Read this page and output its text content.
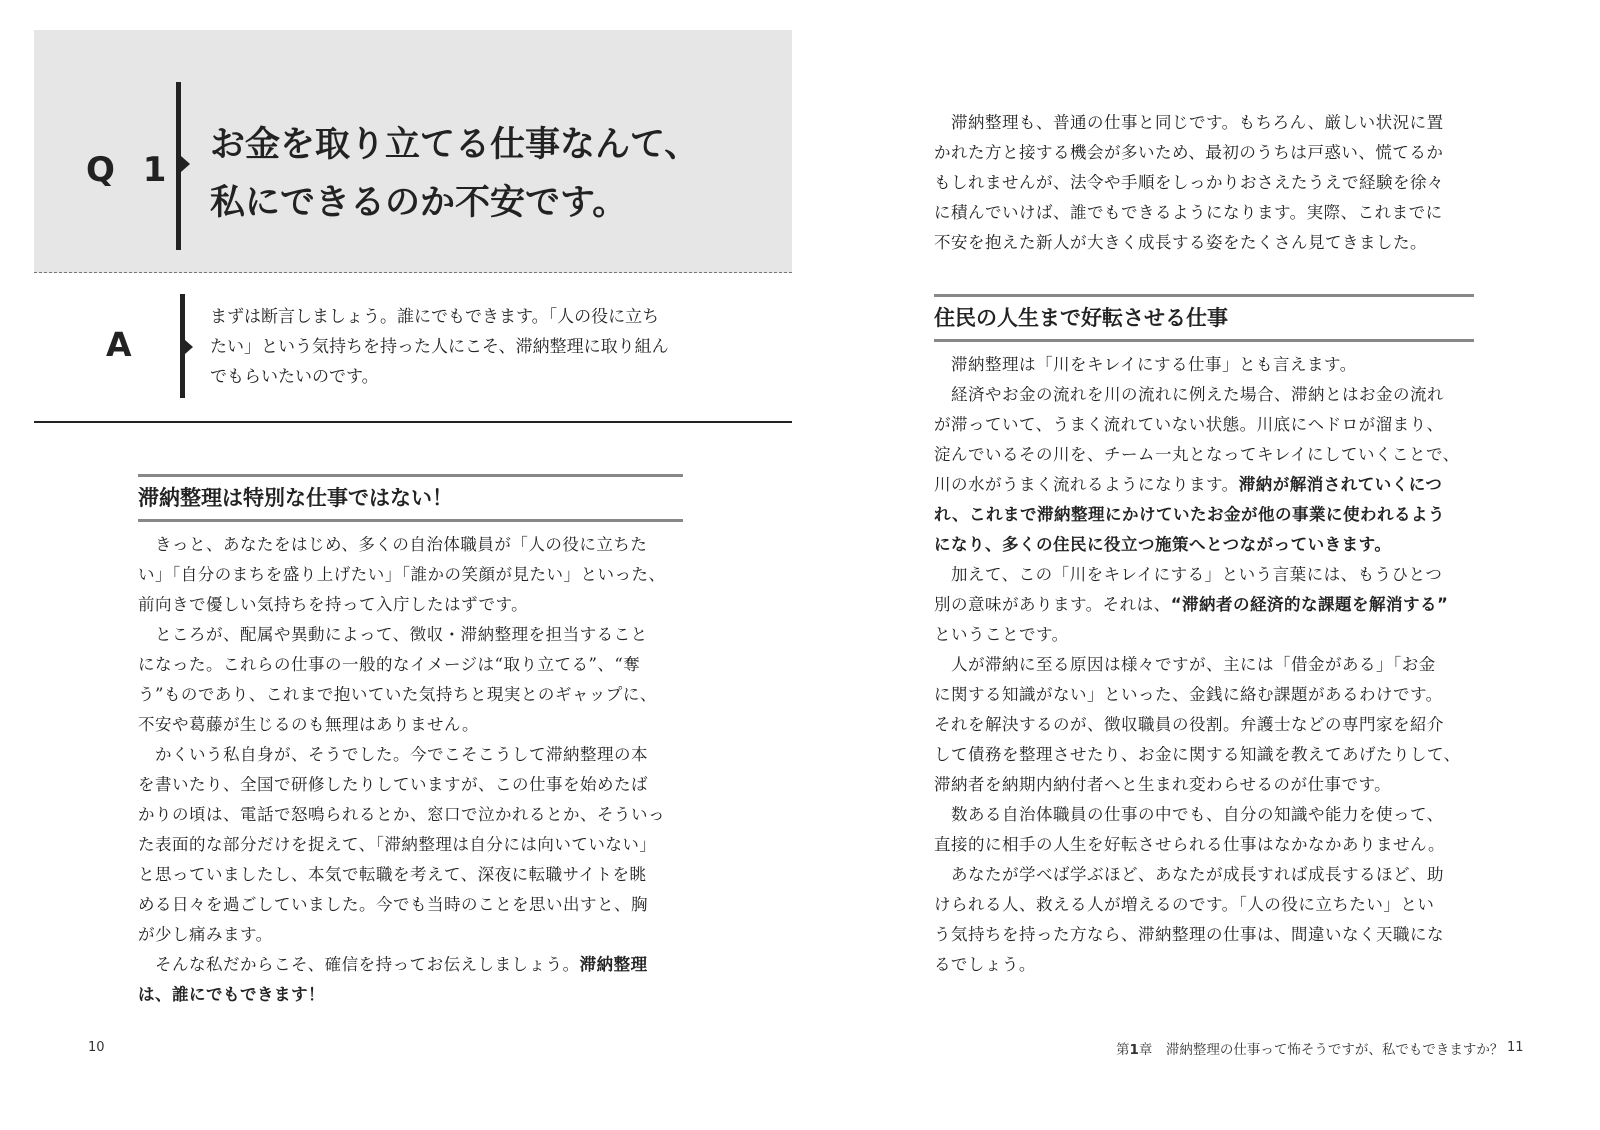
Q 1
お金を取り立てる仕事なんて、
私にできるのか不安です。
A
まずは断言しましょう。誰にでもできます。「人の役に立ち
たい」という気持ちを持った人にこそ、滞納整理に取り組ん
でもらいたいのです。
滞納整理は特別な仕事ではない！
　きっと、あなたをはじめ、多くの自治体職員が「人の役に立ちた
い」「自分のまちを盛り上げたい」「誰かの笑顔が見たい」といった、
前向きで優しい気持ちを持って入庁したはずです。
　ところが、配属や異動によって、徴収・滞納整理を担当すること
になった。これらの仕事の一般的なイメージは“取り立てる”、“奪
う”ものであり、これまで抱いていた気持ちと現実とのギャップに、
不安や葛藤が生じるのも無理はありません。
　かくいう私自身が、そうでした。今でこそこうして滞納整理の本
を書いたり、全国で研修したりしていますが、この仕事を始めたば
かりの頃は、電話で怒鳴られるとか、窓口で泣かれるとか、そういっ
た表面的な部分だけを捉えて、「滞納整理は自分には向いていない」
と思っていましたし、本気で転職を考えて、深夜に転職サイトを眺
める日々を過ごしていました。今でも当時のことを思い出すと、胸
が少し痛みます。
　そんな私だからこそ、確信を持ってお伝えしましょう。滞納整理
は、誰にでもできます！
　滞納整理も、普通の仕事と同じです。もちろん、厳しい状況に置
かれた方と接する機会が多いため、最初のうちは戸惑い、慌てるか
もしれませんが、法令や手順をしっかりおさえたうえで経験を徐々
に積んでいけば、誰でもできるようになります。実際、これまでに
不安を抱えた新人が大きく成長する姿をたくさん見てきました。
住民の人生まで好転させる仕事
　滞納整理は「川をキレイにする仕事」とも言えます。
　経済やお金の流れを川の流れに例えた場合、滞納とはお金の流れ
が滞っていて、うまく流れていない状態。川底にヘドロが溜まり、
淀んでいるその川を、チーム一丸となってキレイにしていくことで、
川の水がうまく流れるようになります。滞納が解消されていくにつ
れ、これまで滞納整理にかけていたお金が他の事業に使われるよう
になり、多くの住民に役立つ施策へとつながっていきます。
　加えて、この「川をキレイにする」という言葉には、もうひとつ
別の意味があります。それは、“滞納者の経済的な課題を解消する”
ということです。
　人が滞納に至る原因は様々ですが、主には「借金がある」「お金
に関する知識がない」といった、金銭に絡む課題があるわけです。
それを解決するのが、徴収職員の役割。弁護士などの専門家を紹介
して債務を整理させたり、お金に関する知識を教えてあげたりして、
滞納者を納期内納付者へと生まれ変わらせるのが仕事です。
　数ある自治体職員の仕事の中でも、自分の知識や能力を使って、
直接的に相手の人生を好転させられる仕事はなかなかありません。
　あなたが学べば学ぶほど、あなたが成長すれば成長するほど、助
けられる人、救える人が増えるのです。「人の役に立ちたい」とい
う気持ちを持った方なら、滞納整理の仕事は、間違いなく天職にな
るでしょう。
10	第1章　滞納整理の仕事って怖そうですが、私でもできますか？ 11
